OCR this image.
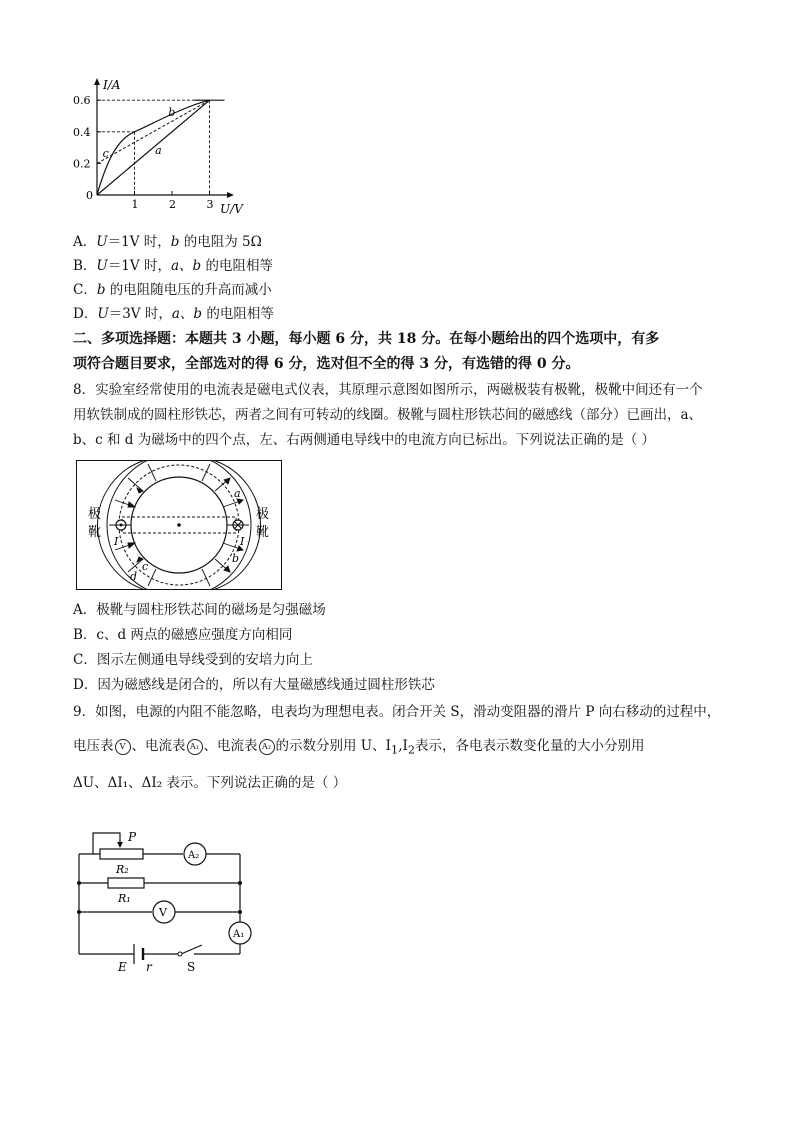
1	2	3
0.2
0.4
0.6
a
b
c
I/A
U/V
0
A．U＝1V 时，b 的电阻为 5Ω
B．U＝1V 时，a、b 的电阻相等
C．b 的电阻随电压的升高而减小
D．U＝3V 时，a、b 的电阻相等
二、多项选择题：本题共 3 小题，每小题 6 分，共 18 分。在每小题给出的四个选项中，有多
项符合题目要求，全部选对的得 6 分，选对但不全的得 3 分，有选错的得 0 分。
8．实验室经常使用的电流表是磁电式仪表，其原理示意图如图所示，两磁极装有极靴，极靴中间还有一个
用软铁制成的圆柱形铁芯，两者之间有可转动的线圈。极靴与圆柱形铁芯间的磁感线（部分）已画出，a、
b、c 和 d 为磁场中的四个点，左、右两侧通电导线中的电流方向已标出。下列说法正确的是（ ）
极
靴
极
靴
a
b
c
d
I	I
A．极靴与圆柱形铁芯间的磁场是匀强磁场
B．c、d 两点的磁感应强度方向相同
C．图示左侧通电导线受到的安培力向上
D．因为磁感线是闭合的，所以有大量磁感线通过圆柱形铁芯
9．如图，电源的内阻不能忽略，电表均为理想电表。闭合开关 S，滑动变阻器的滑片 P 向右移动的过程中，
电压表 V 、电流表 A₁ 、电流表 A₂ 的示数分别用 U、$I_1,I_2$表示，各电表示数变化量的大小分别用
ΔU、ΔI₁、ΔI₂ 表示。下列说法正确的是（ ）
P
R₂
R₁
A₂
V
A₁
E r	S
